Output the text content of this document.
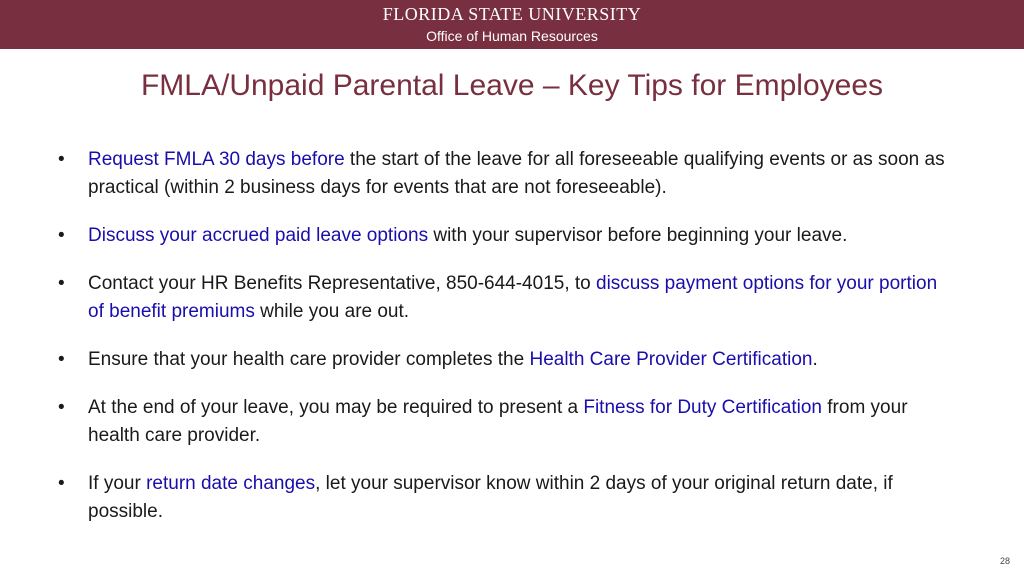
FLORIDA STATE UNIVERSITY
Office of Human Resources
FMLA/Unpaid Parental Leave – Key Tips for Employees
•	Request FMLA 30 days before the start of the leave for all foreseeable qualifying events or as soon as practical (within 2 business days for events that are not foreseeable).
•	Discuss your accrued paid leave options with your supervisor before beginning your leave.
•	Contact your HR Benefits Representative, 850-644-4015, to discuss payment options for your portion of benefit premiums while you are out.
•	Ensure that your health care provider completes the Health Care Provider Certification.
•	At the end of your leave, you may be required to present a Fitness for Duty Certification from your health care provider.
•	If your return date changes, let your supervisor know within 2 days of your original return date, if possible.
28
